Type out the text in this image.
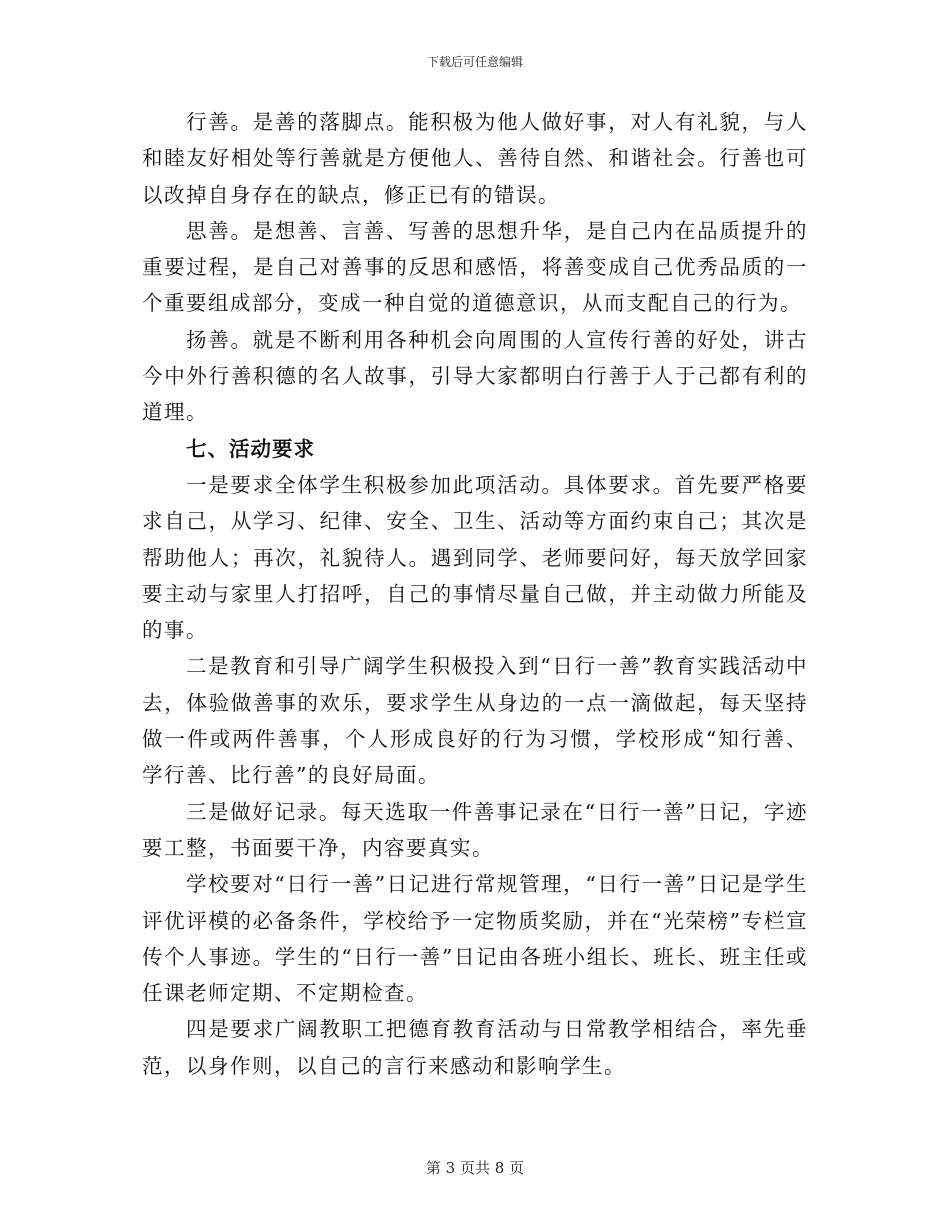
下载后可任意编辑

行善。是善的落脚点。能积极为他人做好事，对人有礼貌，与人和睦友好相处等行善就是方便他人、善待自然、和谐社会。行善也可以改掉自身存在的缺点，修正已有的错误。

思善。是想善、言善、写善的思想升华，是自己内在品质提升的重要过程，是自己对善事的反思和感悟，将善变成自己优秀品质的一个重要组成部分，变成一种自觉的道德意识，从而支配自己的行为。

扬善。就是不断利用各种机会向周围的人宣传行善的好处，讲古今中外行善积德的名人故事，引导大家都明白行善于人于己都有利的道理。

七、活动要求

一是要求全体学生积极参加此项活动。具体要求。首先要严格要求自己，从学习、纪律、安全、卫生、活动等方面约束自己；其次是帮助他人；再次，礼貌待人。遇到同学、老师要问好，每天放学回家要主动与家里人打招呼，自己的事情尽量自己做，并主动做力所能及的事。

二是教育和引导广阔学生积极投入到“日行一善”教育实践活动中去，体验做善事的欢乐，要求学生从身边的一点一滴做起，每天坚持做一件或两件善事，个人形成良好的行为习惯，学校形成“知行善、学行善、比行善”的良好局面。

三是做好记录。每天选取一件善事记录在“日行一善”日记，字迹要工整，书面要干净，内容要真实。

学校要对“日行一善”日记进行常规管理，“日行一善”日记是学生评优评模的必备条件，学校给予一定物质奖励，并在“光荣榜”专栏宣传个人事迹。学生的“日行一善”日记由各班小组长、班长、班主任或任课老师定期、不定期检查。

四是要求广阔教职工把德育教育活动与日常教学相结合，率先垂范，以身作则，以自己的言行来感动和影响学生。

第 3 页共 8 页
